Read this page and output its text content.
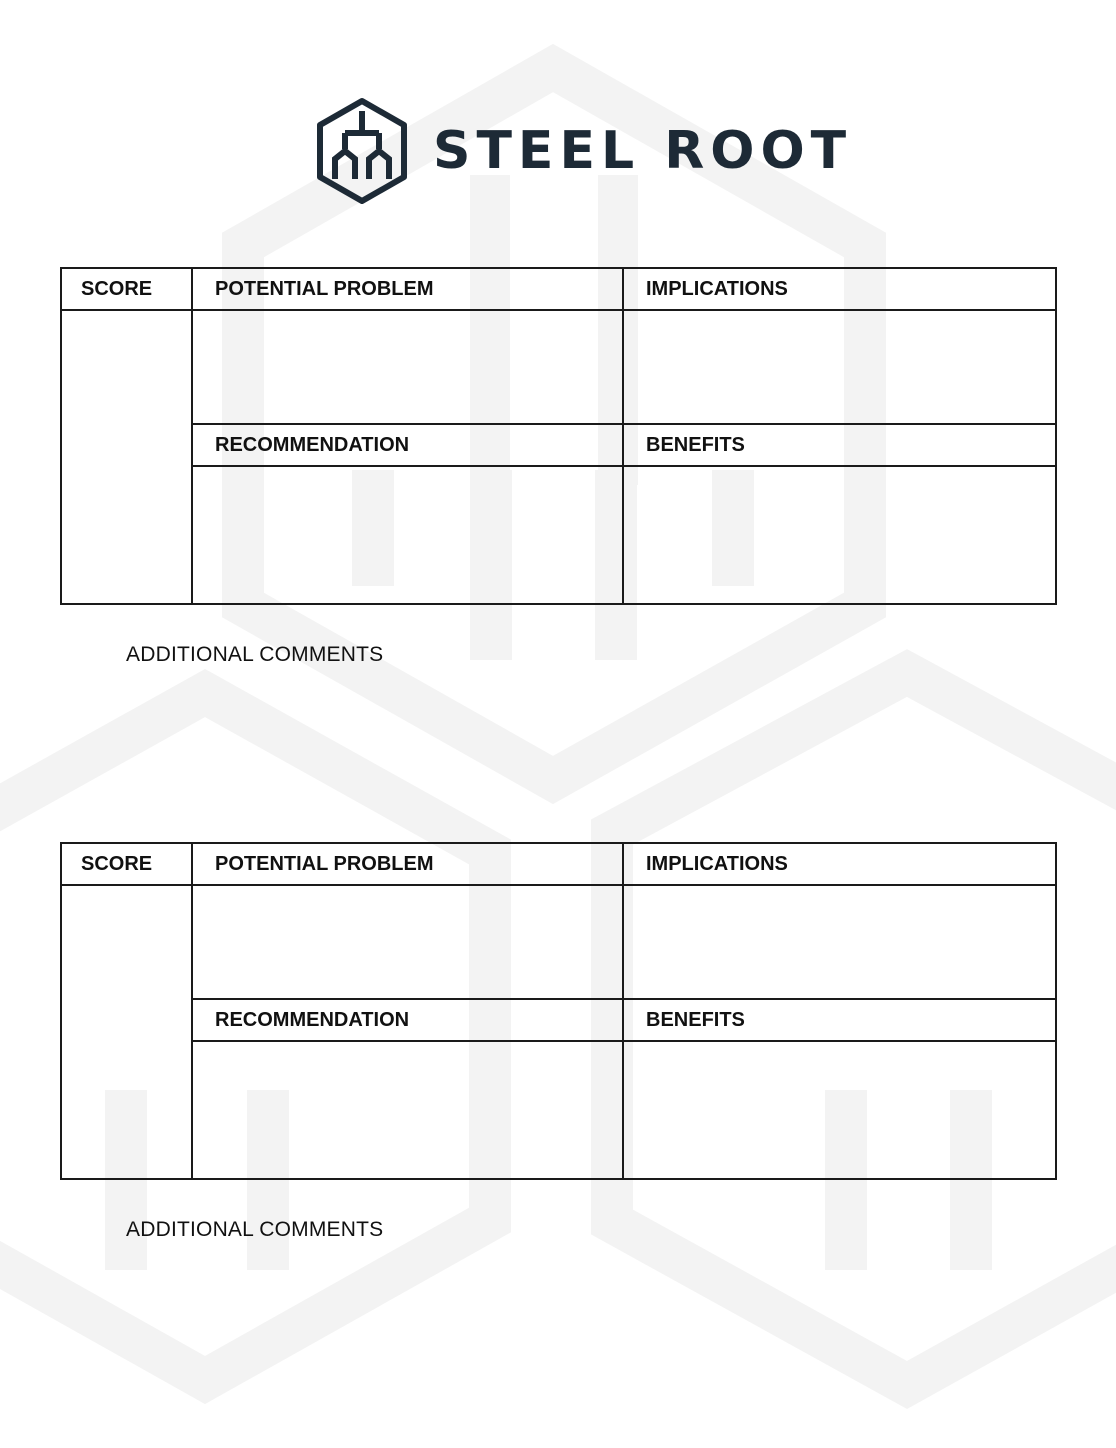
STEEL ROOT
SCORE	POTENTIAL PROBLEM	IMPLICATIONS

	RECOMMENDATION	BENEFITS

ADDITIONAL COMMENTS
SCORE	POTENTIAL PROBLEM	IMPLICATIONS

	RECOMMENDATION	BENEFITS

ADDITIONAL COMMENTS
